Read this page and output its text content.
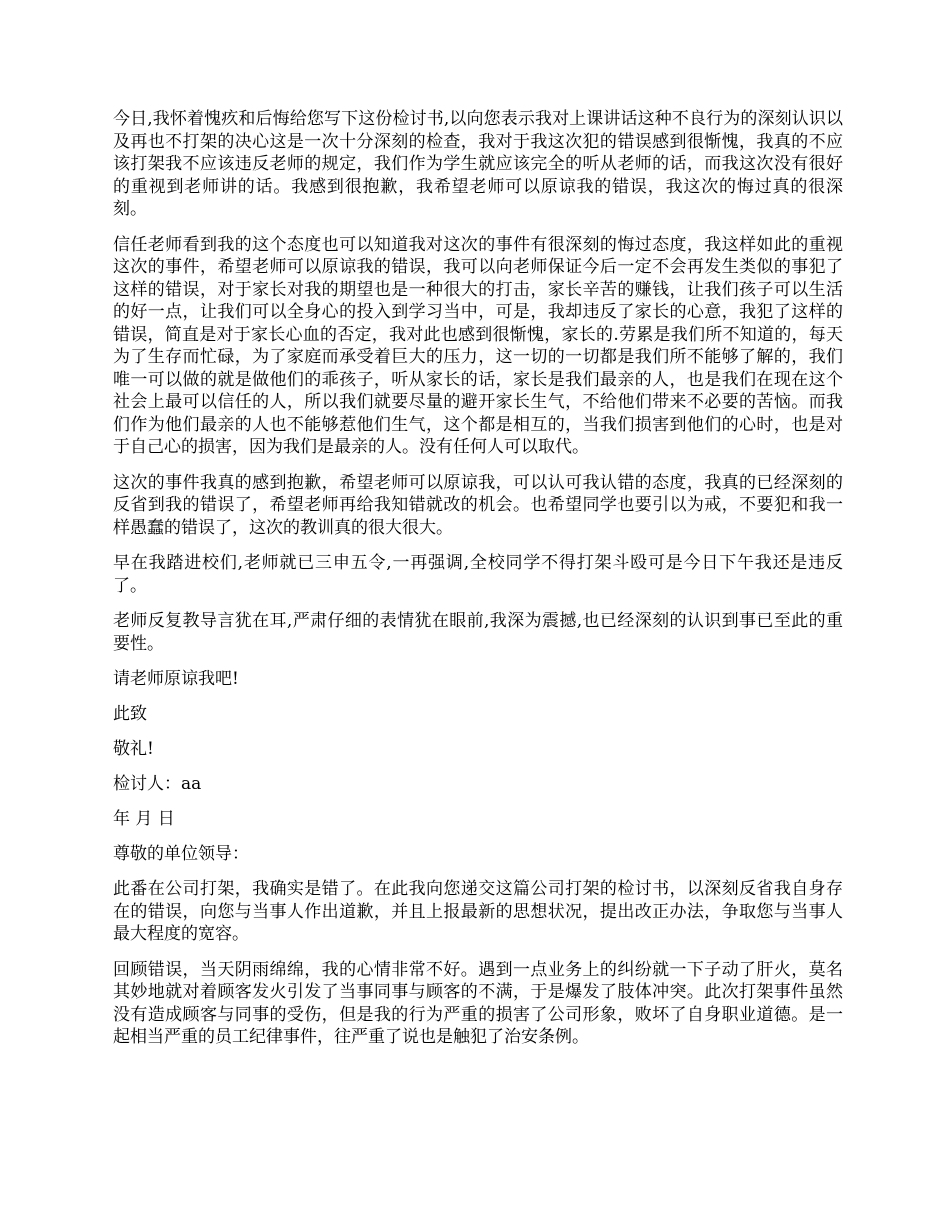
今日,我怀着愧疚和后悔给您写下这份检讨书,以向您表示我对上课讲话这种不良行为的深刻认识以及再也不打架的决心这是一次十分深刻的检查，我对于我这次犯的错误感到很惭愧，我真的不应该打架我不应该违反老师的规定，我们作为学生就应该完全的听从老师的话，而我这次没有很好的重视到老师讲的话。我感到很抱歉，我希望老师可以原谅我的错误，我这次的悔过真的很深刻。

信任老师看到我的这个态度也可以知道我对这次的事件有很深刻的悔过态度，我这样如此的重视这次的事件，希望老师可以原谅我的错误，我可以向老师保证今后一定不会再发生类似的事犯了这样的错误，对于家长对我的期望也是一种很大的打击，家长辛苦的赚钱，让我们孩子可以生活的好一点，让我们可以全身心的投入到学习当中，可是，我却违反了家长的心意，我犯了这样的错误，简直是对于家长心血的否定，我对此也感到很惭愧，家长的.劳累是我们所不知道的，每天为了生存而忙碌，为了家庭而承受着巨大的压力，这一切的一切都是我们所不能够了解的，我们唯一可以做的就是做他们的乖孩子，听从家长的话，家长是我们最亲的人，也是我们在现在这个社会上最可以信任的人，所以我们就要尽量的避开家长生气，不给他们带来不必要的苦恼。而我们作为他们最亲的人也不能够惹他们生气，这个都是相互的，当我们损害到他们的心时，也是对于自己心的损害，因为我们是最亲的人。没有任何人可以取代。

这次的事件我真的感到抱歉，希望老师可以原谅我，可以认可我认错的态度，我真的已经深刻的反省到我的错误了，希望老师再给我知错就改的机会。也希望同学也要引以为戒，不要犯和我一样愚蠢的错误了，这次的教训真的很大很大。

早在我踏进校们,老师就已三申五令,一再强调,全校同学不得打架斗殴可是今日下午我还是违反了。

老师反复教导言犹在耳,严肃仔细的表情犹在眼前,我深为震撼,也已经深刻的认识到事已至此的重要性。

请老师原谅我吧!

此致

敬礼!

检讨人：aa

年 月 日

尊敬的单位领导：

此番在公司打架，我确实是错了。在此我向您递交这篇公司打架的检讨书，以深刻反省我自身存在的错误，向您与当事人作出道歉，并且上报最新的思想状况，提出改正办法，争取您与当事人最大程度的宽容。

回顾错误，当天阴雨绵绵，我的心情非常不好。遇到一点业务上的纠纷就一下子动了肝火，莫名其妙地就对着顾客发火引发了当事同事与顾客的不满，于是爆发了肢体冲突。此次打架事件虽然没有造成顾客与同事的受伤，但是我的行为严重的损害了公司形象，败坏了自身职业道德。是一起相当严重的员工纪律事件，往严重了说也是触犯了治安条例。
